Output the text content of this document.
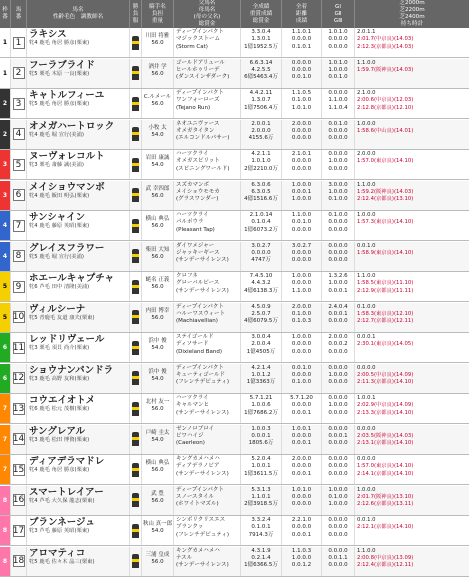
枠
番
馬
番
馬名
性齢毛色　調教師名
勝
負
服
騎手名
負担
重量
父馬名
母馬名
(母の父名)
総賞金
全成績
重賞成績
総賞金
全着
距離
成績
GⅠ
GⅡ
GⅢ
芝2000m
芝2200m
芝2400m
持ち時計
1 1
ラキシス
牝4 鹿毛 角居 勝彦(栗東)
川田 将雅
56.0
ディープインパクト
マジックストーム
(Storm Cat)
3.3.0.4
1.3.0.1
1億1952.5万
1.1.0.1
0.0.0.0
0.1.0.1
1.0.1.0
0.0.0.0
0.0.0.0
2.0.1.1
2:01.7(中京良)(14.03)
2:12.3(京都良)(14.03)
1 2
フーラブライド
牝5 栗毛 木原 一良(栗東)
酒井 学
56.0
ゴールドアリュール
ヒールホゥリーデ
(ダンスインザダーク)
6.6.3.14
4.2.5.5
6億5463.4万
0.0.0.0
0.0.0.0
0.0.1.0
1.0.1.0
1.0.0.0
0.0.1.0
1.1.0.0
1:59.7(阪神良)(14.03)
2 3
キャトルフィーユ
牝5 鹿毛 角居 勝彦(栗東)
C.ルメール
56.0
ディープインパクト
ワンフォーローズ
(Tejano Run)
4.4.2.11
1.3.0.7
1億7506.4万
1.1.0.5
0.1.0.0
1.0.1.0
0.0.0.0
1.1.0.0
1.1.0.4
2.1.0.0
2:00.6(中京良)(12.03)
2:12.8(京都良)(12.10)
2 4
オメガハートロック
牝4 鹿毛 堀 宣行(美浦)
小牧 太
54.0
ネオユニヴァース
オメガタイタン
(エルコンドルパサー)
2.0.0.1
2.0.0.0
4155.6万
2.0.0.0
0.0.0.0
0.0.0.0
0.0.1.0
0.0.0.0
0.0.0.0
1.0.0.0
1:58.6(中山良)(14.01)
3 5
ヌーヴォレコルト
牝3 栗毛 斎藤 誠(美浦)
岩田 康誠
54.0
ハーツクライ
オメガスピリット
(スピニングワールド)
4.2.1.1
1.0.1.0
2億2210.0万
2.1.0.1
0.0.0.0
0.0.0.0
0.0.0.0
1.0.0.0
0.0.0.0
2.0.0.0
1:57.0(東京良)(14.10)
3 6
メイショウマンボ
牝4 鹿毛 飯田 明弘(栗東)
武 幸四郎
56.0
スズカマンボ
メイショウモモカ
(グラスワンダー)
6.3.0.6
6.3.0.5
4億1516.6万
1.0.0.0
0.0.0.1
1.0.0.0
3.0.0.0
1.0.0.0
0.1.0.0
1.1.0.0
1:59.2(阪神良)(14.03)
2:12.4(京都良)(13.10)
4 7
サンシャイン
牝4 鹿毛 藤原 英昭(栗東)
横山 典弘
56.0
ハーツクライ
パルポウラ
(Pleasant Tap)
2.1.0.14
0.1.0.4
1億6073.2万
1.1.0.0
0.0.1.0
0.0.0.0
0.1.0.0
0.0.0.0
0.0.0.0
1.0.0.0
1:57.3(東京良)(14.10)
4 8
グレイスフラワー
牝5 鹿毛 堀 宣行(美浦)
柴田 大知
56.0
ダイワメジャー
ジャッキーギース
(サンデーサイレンス)
3.0.2.7
0.0.0.0
4747万
3.0.2.7
0.0.0.0
0.0.0.0
0.0.0.0
0.0.0.0
0.0.0.0
0.0.1.0
1:58.9(東京良)(14.10)
5 9
ホエールキャプチャ
牝6 芦毛 田中 清隆(美浦)
蛯名 正義
56.0
クロフネ
グローバルピース
(サンデーサイレンス)
7.4.5.10
4.4.3.2
4億6138.3万
1.0.0.0
0.0.0.0
1.1.0.0
1.3.2.6
1.0.0.0
0.0.0.1
1.1.0.0
1:58.5(東京良)(11.10)
2:12.9(京都良)(11.11)
5 10
ヴィルシーナ
牝5 青鹿毛 友道 康夫(栗東)
内田 博幸
56.0
ディープインパクト
ハルーワスウィート
(Machiavellian)
4.5.0.9
2.5.0.7
4億6079.5万
2.0.0.0
0.1.0.0
0.1.0.3
2.4.0.4
0.0.0.1
0.0.0.0
0.1.0.0
1:58.3(東京良)(12.10)
2:12.7(京都良)(12.11)
6 11
レッドリヴェール
牝3 栗毛 須貝 尚介(栗東)
浜中 俊
54.0
ステイゴールド
ディソサード
(Dixieland Band)
3.0.0.4
2.0.0.4
1億4505万
1.0.0.0
0.0.0.0
0.0.0.0
2.0.0.0
0.0.0.2
0.0.0.0
0.0.0.1
2:30.1(東京良)(14.05)
6 12
ショウナンパンドラ
牝3 鹿毛 高野 友和(栗東)
浜中 俊
54.0
ディープインパクト
キューティゴールド
(フレンチデピュティ)
4.2.1.4
1.0.1.2
1億3363万
0.0.1.0
0.0.0.0
0.1.0.0
0.0.0.0
1.0.0.0
0.0.0.0
0.0.0.0
2:00.5(中京良)(14.09)
2:11.3(京都良)(14.10)
7 13
コウエイオトメ
牝6 鹿毛 松元 茂樹(栗東)
北村 友一
56.0
ハーツクライ
キャルマンヒ
(サンデーサイレンス)
5.7.1.21
1.0.0.6
1億7686.2万
5.7.1.20
0.0.0.0
0.0.0.1
0.0.0.0
1.0.0.0
0.0.0.0
1.0.0.1
2:02.9(中京良)(14.09)
2:13.3(京都良)(14.10)
7 14
サングレアル
牝3 鹿毛 松田 博資(栗東)
戸崎 圭太
54.0
ゼンノロブロイ
ビワハイジ
(Caerleon)
1.0.0.3
0.0.0.1
1805.6万
1.0.0.1
0.0.0.0
0.0.0.1
0.0.0.0
0.0.0.1
0.0.0.0
0.0.0.0
2:03.5(阪神良)(14.03)
2:13.1(京都良)(14.10)
7 15
ディアデラマドレ
牝4 鹿毛 角居 勝彦(栗東)
横山 典弘
56.0
キングカメハメハ
ディアデラノビア
(サンデーサイレンス)
5.2.0.4
1.0.0.1
1億3611.5万
2.0.0.0
0.0.0.0
0.0.0.1
0.0.0.0
0.0.0.0
0.0.0.0
0.0.0.0
1:57.0(東京良)(14.10)
2:14.1(京都良)(14.10)
8 16
スマートレイアー
牝4 芦毛 大久保 龍志(栗東)
武 豊
56.0
ディープインパクト
スノースタイル
(ホワイトマズル)
5.3.1.3
1.1.0.1
2億3918.5万
1.0.1.0
0.0.0.0
0.0.0.0
1.0.0.0
0.1.0.0
1.0.0.0
1.0.0.0
2:01.7(阪神良)(13.10)
2:12.6(京都良)(13.11)
8 17
ブランネージュ
牝3 芦毛 藤原 英昭(栗東)
秋山 真一郎
54.0
シンボリクリスエス
ブランクッ
(フレンチデピュティ)
3.3.2.4
0.1.0.1
7914.3万
2.2.1.0
0.0.0.0
0.0.0.1
0.0.0.0
0.0.0.0
0.0.0.0
0.0.1.0
2:12.1(京都良)(14.10)
8 18
アロマティコ
牝5 鹿毛 佐々木 晶三(栗東)
三浦 皇成
56.0
キングカメハメハ
ナスル
(サンデーサイレンス)
4.3.1.9
0.2.1.4
1億6366.5万
1.1.0.3
1.0.0.0
0.0.1.2
0.0.0.0
0.0.1.1
0.0.0.0
1.1.0.0
2:00.8(中京良)(13.09)
2:12.4(京都良)(12.11)
